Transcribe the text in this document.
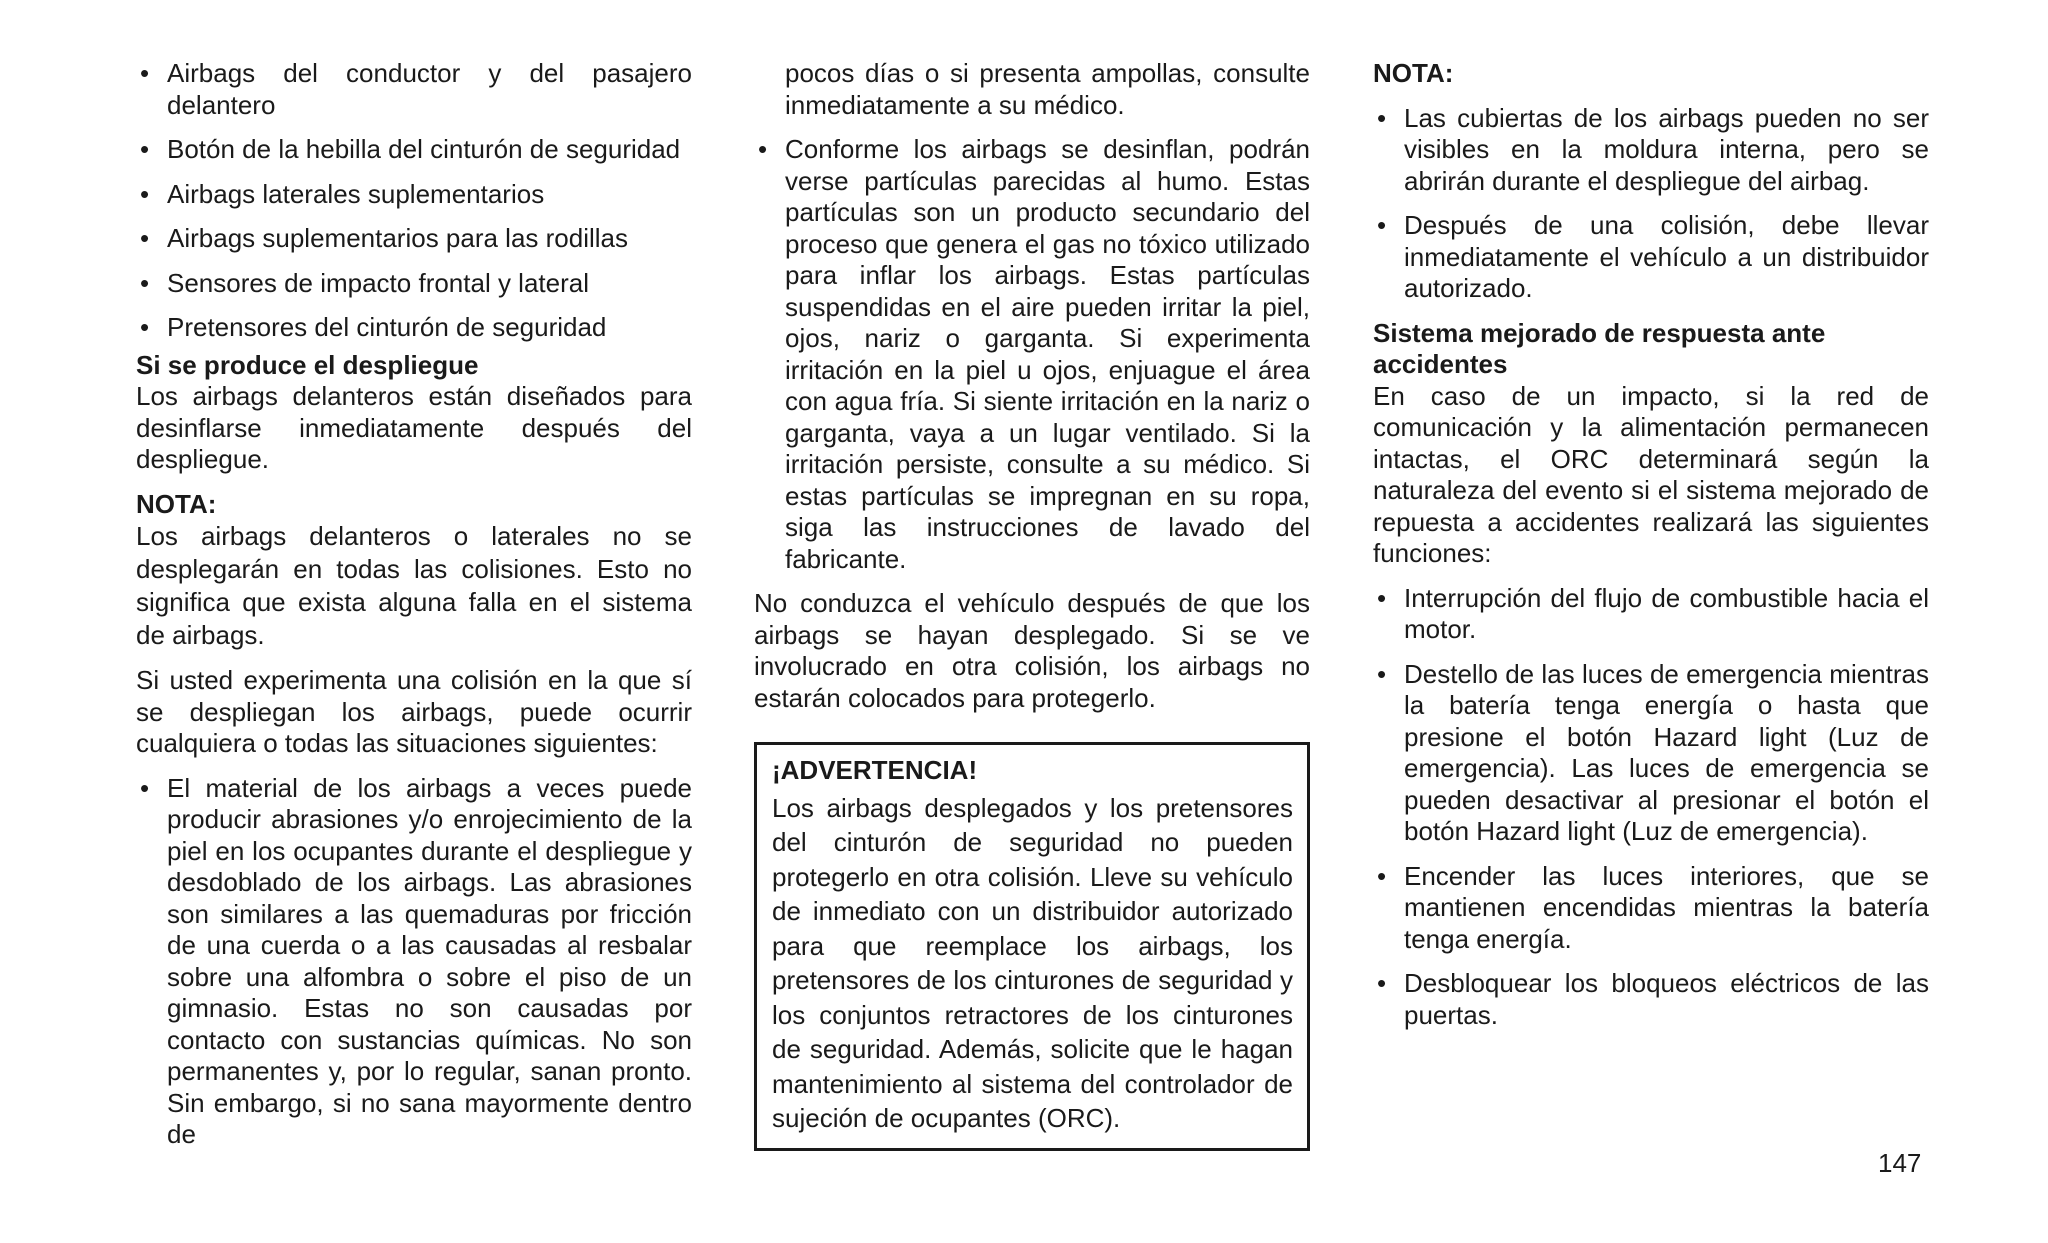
• Airbags del conductor y del pasajero delantero
• Botón de la hebilla del cinturón de seguridad
• Airbags laterales suplementarios
• Airbags suplementarios para las rodillas
• Sensores de impacto frontal y lateral
• Pretensores del cinturón de seguridad
Si se produce el despliegue

Los airbags delanteros están diseñados para desinflarse inmediatamente después del despliegue.

NOTA:

Los airbags delanteros o laterales no se desplegarán en todas las colisiones. Esto no significa que exista alguna falla en el sistema de airbags.

Si usted experimenta una colisión en la que sí se despliegan los airbags, puede ocurrir cualquiera o todas las situaciones siguientes:

• El material de los airbags a veces puede producir abrasiones y/o enrojecimiento de la piel en los ocupantes durante el despliegue y desdoblado de los airbags. Las abrasiones son similares a las quemaduras por fricción de una cuerda o a las causadas al resbalar sobre una alfombra o sobre el piso de un gimnasio. Estas no son causadas por contacto con sustancias químicas. No son permanentes y, por lo regular, sanan pronto. Sin embargo, si no sana mayormente dentro de

pocos días o si presenta ampollas, consulte inmediatamente a su médico.

• Conforme los airbags se desinflan, podrán verse partículas parecidas al humo. Estas partículas son un producto secundario del proceso que genera el gas no tóxico utilizado para inflar los airbags. Estas partículas suspendidas en el aire pueden irritar la piel, ojos, nariz o garganta. Si experimenta irritación en la piel u ojos, enjuague el área con agua fría. Si siente irritación en la nariz o garganta, vaya a un lugar ventilado. Si la irritación persiste, consulte a su médico. Si estas partículas se impregnan en su ropa, siga las instrucciones de lavado del fabricante.

No conduzca el vehículo después de que los airbags se hayan desplegado. Si se ve involucrado en otra colisión, los airbags no estarán colocados para protegerlo.

¡ADVERTENCIA!

Los airbags desplegados y los pretensores del cinturón de seguridad no pueden protegerlo en otra colisión. Lleve su vehículo de inmediato con un distribuidor autorizado para que reemplace los airbags, los pretensores de los cinturones de seguridad y los conjuntos retractores de los cinturones de seguridad. Además, solicite que le hagan mantenimiento al sistema del controlador de sujeción de ocupantes (ORC).

NOTA:
• Las cubiertas de los airbags pueden no ser visibles en la moldura interna, pero se abrirán durante el despliegue del airbag.
• Después de una colisión, debe llevar inmediatamente el vehículo a un distribuidor autorizado.
Sistema mejorado de respuesta ante accidentes

En caso de un impacto, si la red de comunicación y la alimentación permanecen intactas, el ORC determinará según la naturaleza del evento si el sistema mejorado de repuesta a accidentes realizará las siguientes funciones:

• Interrupción del flujo de combustible hacia el motor.
• Destello de las luces de emergencia mientras la batería tenga energía o hasta que presione el botón Hazard light (Luz de emergencia). Las luces de emergencia se pueden desactivar al presionar el botón el botón Hazard light (Luz de emergencia).
• Encender las luces interiores, que se mantienen encendidas mientras la batería tenga energía.
• Desbloquear los bloqueos eléctricos de las puertas.
147
